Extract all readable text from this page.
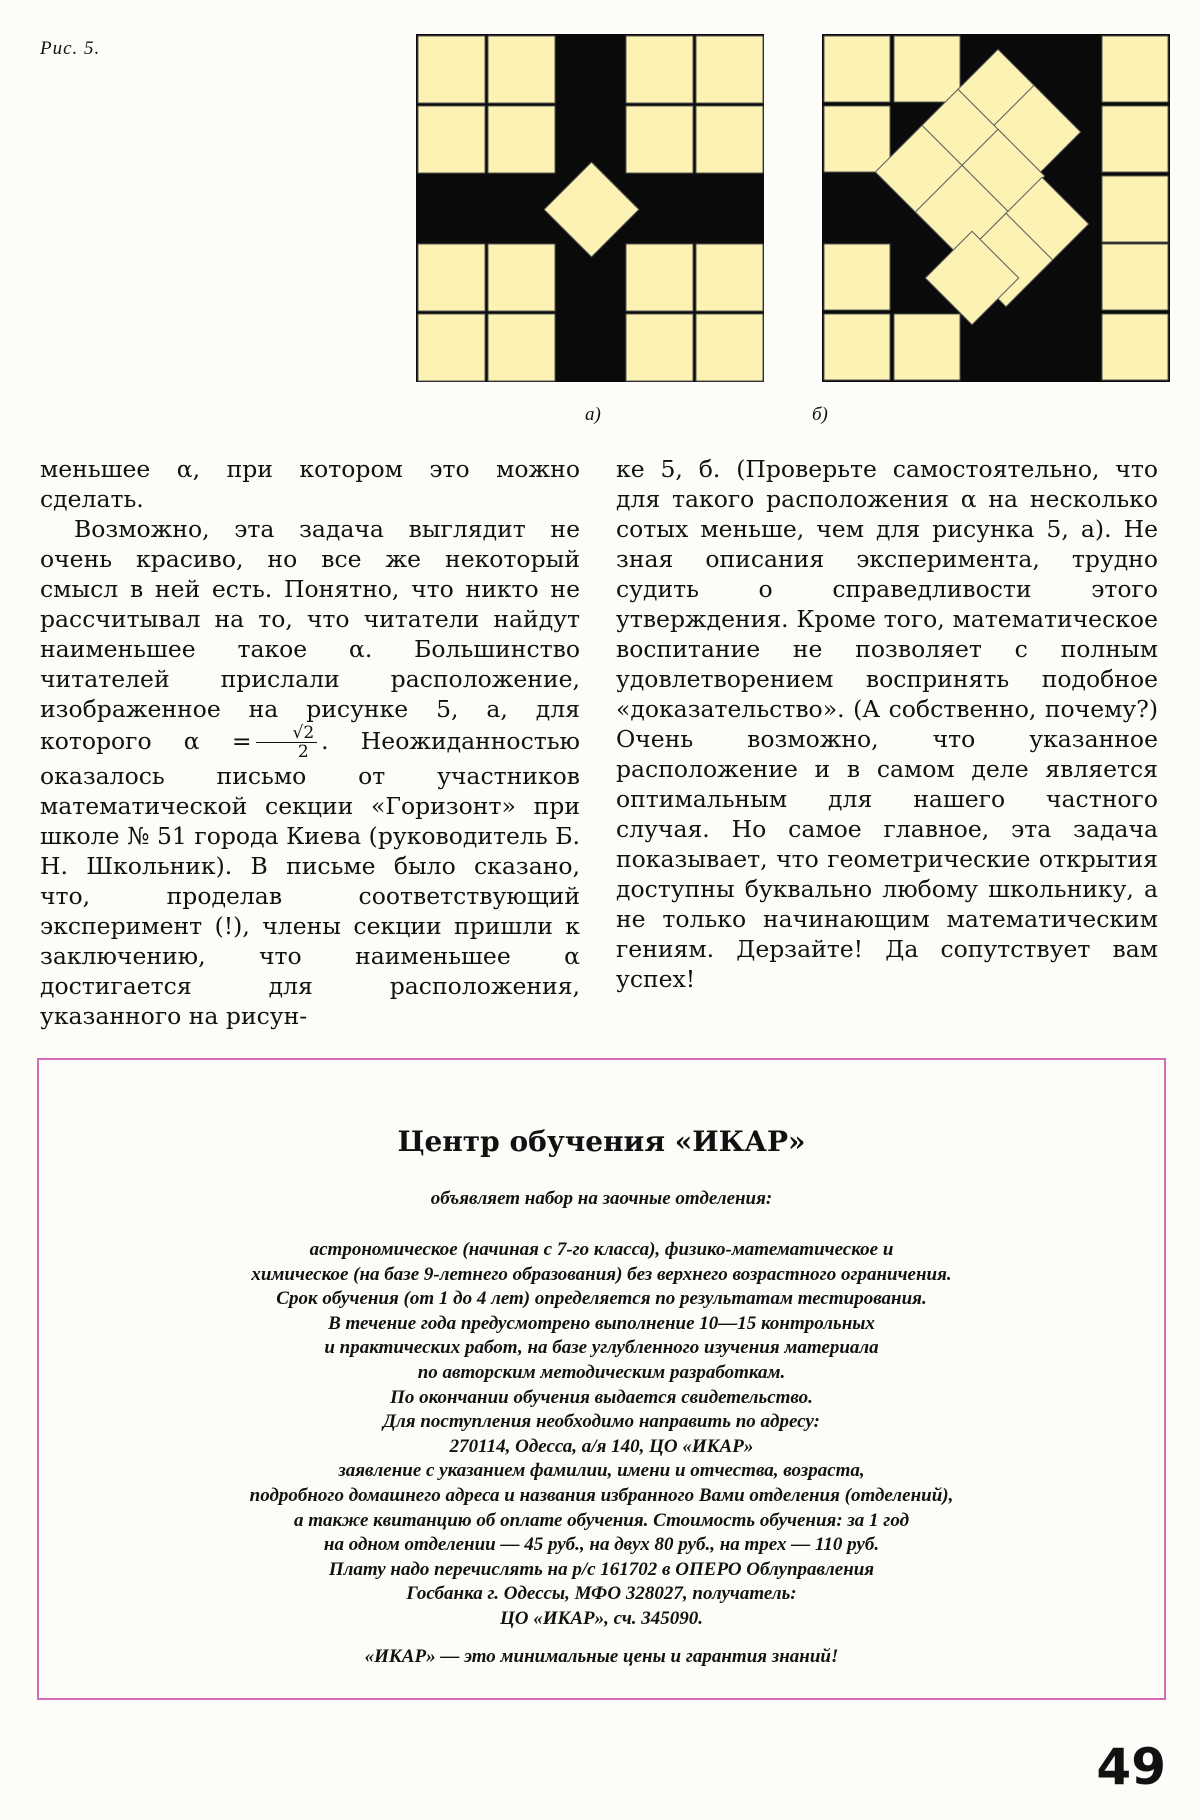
Рис. 5.
а)	б)

меньшее α, при котором это можно сделать.

Возможно, эта задача выглядит не очень красиво, но все же некоторый смысл в ней есть. Понятно, что никто не рассчитывал на то, что читатели найдут наименьшее такое α. Большинство читателей прислали расположение, изображенное на рисунке 5, а, для которого $\alpha = \frac{√2}{2}$ . Неожиданностью оказалось письмо от участников математической секции «Горизонт» при школе № 51 города Киева (руководитель Б. Н. Школьник). В письме было сказано, что, проделав соответствующий эксперимент (!), члены секции пришли к заключению, что наименьшее α достигается для расположения, указанного на рисун-

ке 5, б. (Проверьте самостоятельно, что для такого расположения α на несколько сотых меньше, чем для рисунка 5, а). Не зная описания эксперимента, трудно судить о справедливости этого утверждения. Кроме того, математическое воспитание не позволяет с полным удовлетворением воспринять подобное «доказательство». (А собственно, почему?) Очень возможно, что указанное расположение и в самом деле является оптимальным для нашего частного случая. Но самое главное, эта задача показывает, что геометрические открытия доступны буквально любому школьнику, а не только начинающим математическим гениям. Дерзайте! Да сопутствует вам успех!

Центр обучения «ИКАР»
объявляет набор на заочные отделения:
астрономическое (начиная с 7-го класса), физико-математическое и
химическое (на базе 9-летнего образования) без верхнего возрастного ограничения.
Срок обучения (от 1 до 4 лет) определяется по результатам тестирования.
В течение года предусмотрено выполнение 10—15 контрольных
и практических работ, на базе углубленного изучения материала
по авторским методическим разработкам.
По окончании обучения выдается свидетельство.
Для поступления необходимо направить по адресу:
270114, Одесса, а/я 140, ЦО «ИКАР»
заявление с указанием фамилии, имени и отчества, возраста,
подробного домашнего адреса и названия избранного Вами отделения (отделений),
а также квитанцию об оплате обучения. Стоимость обучения: за 1 год
на одном отделении — 45 руб., на двух 80 руб., на трех — 110 руб.
Плату надо перечислять на р/с 161702 в ОПЕРО Облуправления
Госбанка г. Одессы, МФО 328027, получатель:
ЦО «ИКАР», сч. 345090.
«ИКАР» — это минимальные цены и гарантия знаний!
49
